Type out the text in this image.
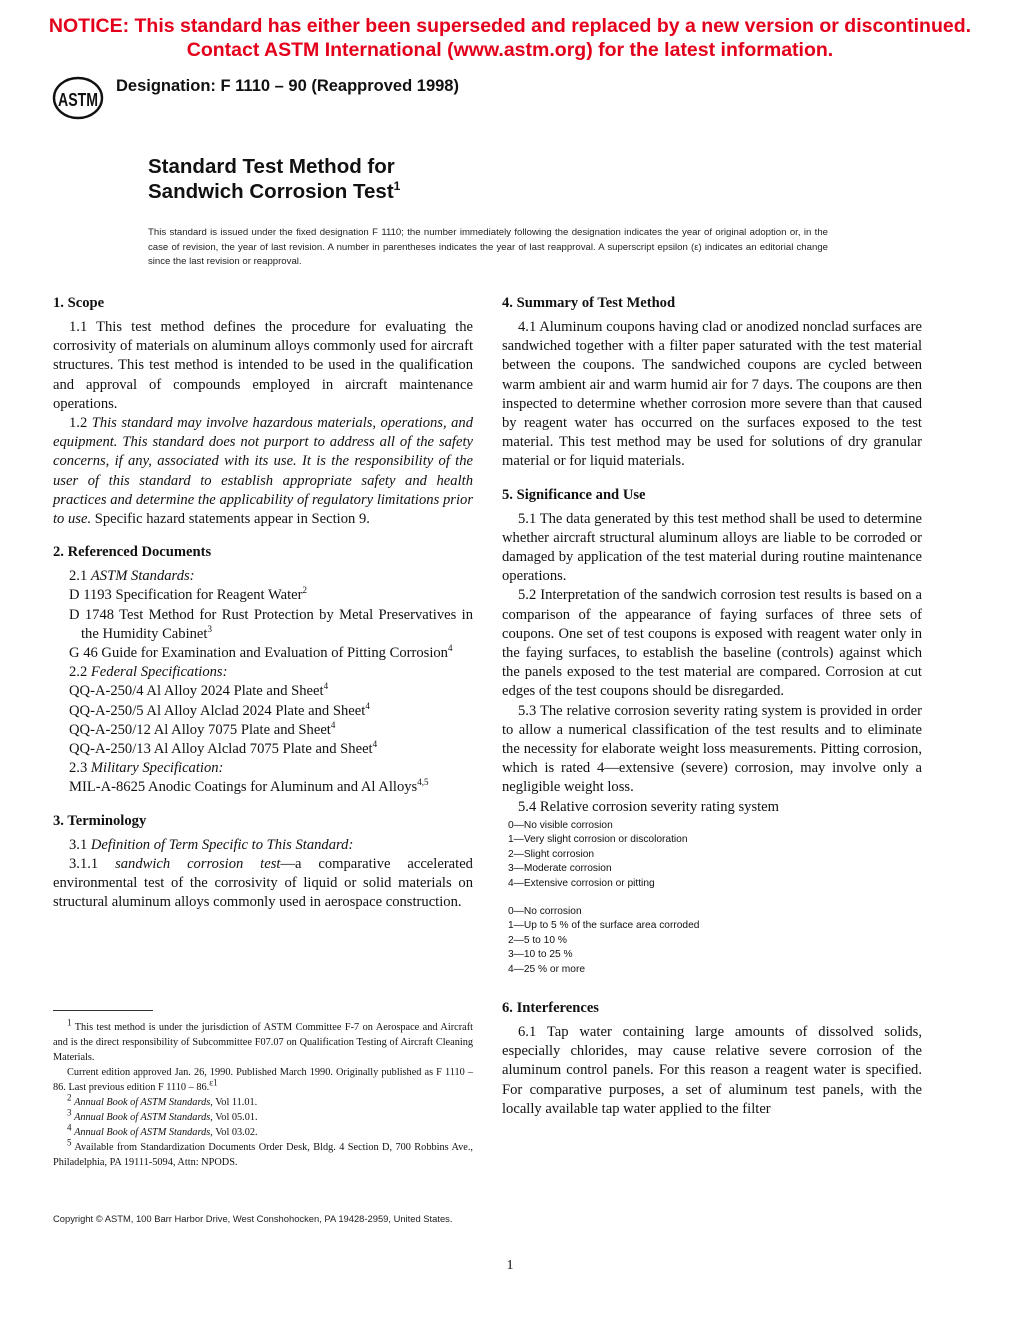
NOTICE: This standard has either been superseded and replaced by a new version or discontinued.
Contact ASTM International (www.astm.org) for the latest information.
ASTM
Designation: F 1110 – 90 (Reapproved 1998)
Standard Test Method for
Sandwich Corrosion Test$^1$
This standard is issued under the fixed designation F 1110; the number immediately following the designation indicates the year of original adoption or, in the case of revision, the year of last revision. A number in parentheses indicates the year of last reapproval. A superscript epsilon (ε) indicates an editorial change since the last revision or reapproval.
1. Scope

1.1 This test method defines the procedure for evaluating the corrosivity of materials on aluminum alloys commonly used for aircraft structures. This test method is intended to be used in the qualification and approval of compounds employed in aircraft maintenance operations.

1.2 This standard may involve hazardous materials, operations, and equipment. This standard does not purport to address all of the safety concerns, if any, associated with its use. It is the responsibility of the user of this standard to establish appropriate safety and health practices and determine the applicability of regulatory limitations prior to use. Specific hazard statements appear in Section 9.

2. Referenced Documents
2.1 ASTM Standards:
D 1193 Specification for Reagent Water$^2$
D 1748 Test Method for Rust Protection by Metal Preservatives in the Humidity Cabinet$^3$
G 46 Guide for Examination and Evaluation of Pitting Corrosion$^4$
2.2 Federal Specifications:
QQ-A-250/4 Al Alloy 2024 Plate and Sheet$^4$
QQ-A-250/5 Al Alloy Alclad 2024 Plate and Sheet$^4$
QQ-A-250/12 Al Alloy 7075 Plate and Sheet$^4$
QQ-A-250/13 Al Alloy Alclad 7075 Plate and Sheet$^4$
2.3 Military Specification:
MIL-A-8625 Anodic Coatings for Aluminum and Al Alloys$^{4,5}$
3. Terminology

3.1 Definition of Term Specific to This Standard:

3.1.1 sandwich corrosion test—a comparative accelerated environmental test of the corrosivity of liquid or solid materials on structural aluminum alloys commonly used in aerospace construction.

$^1$ This test method is under the jurisdiction of ASTM Committee F-7 on Aerospace and Aircraft and is the direct responsibility of Subcommittee F07.07 on Qualification Testing of Aircraft Cleaning Materials.

Current edition approved Jan. 26, 1990. Published March 1990. Originally published as F 1110 – 86. Last previous edition F 1110 – 86.$^{\varepsilon 1}$

$^2$ Annual Book of ASTM Standards, Vol 11.01.

$^3$ Annual Book of ASTM Standards, Vol 05.01.

$^4$ Annual Book of ASTM Standards, Vol 03.02.

$^5$ Available from Standardization Documents Order Desk, Bldg. 4 Section D, 700 Robbins Ave., Philadelphia, PA 19111-5094, Attn: NPODS.

4. Summary of Test Method

4.1 Aluminum coupons having clad or anodized nonclad surfaces are sandwiched together with a filter paper saturated with the test material between the coupons. The sandwiched coupons are cycled between warm ambient air and warm humid air for 7 days. The coupons are then inspected to determine whether corrosion more severe than that caused by reagent water has occurred on the surfaces exposed to the test material. This test method may be used for solutions of dry granular material or for liquid materials.

5. Significance and Use

5.1 The data generated by this test method shall be used to determine whether aircraft structural aluminum alloys are liable to be corroded or damaged by application of the test material during routine maintenance operations.

5.2 Interpretation of the sandwich corrosion test results is based on a comparison of the appearance of faying surfaces of three sets of coupons. One set of test coupons is exposed with reagent water only in the faying surfaces, to establish the baseline (controls) against which the panels exposed to the test material are compared. Corrosion at cut edges of the test coupons should be disregarded.

5.3 The relative corrosion severity rating system is provided in order to allow a numerical classification of the test results and to eliminate the necessity for elaborate weight loss measurements. Pitting corrosion, which is rated 4—extensive (severe) corrosion, may involve only a negligible weight loss.

5.4 Relative corrosion severity rating system

0—No visible corrosion
1—Very slight corrosion or discoloration
2—Slight corrosion
3—Moderate corrosion
4—Extensive corrosion or pitting
0—No corrosion
1—Up to 5 % of the surface area corroded
2—5 to 10 %
3—10 to 25 %
4—25 % or more
6. Interferences

6.1 Tap water containing large amounts of dissolved solids, especially chlorides, may cause relative severe corrosion of the aluminum control panels. For this reason a reagent water is specified. For comparative purposes, a set of aluminum test panels, with the locally available tap water applied to the filter

Copyright © ASTM, 100 Barr Harbor Drive, West Conshohocken, PA 19428-2959, United States.
1
